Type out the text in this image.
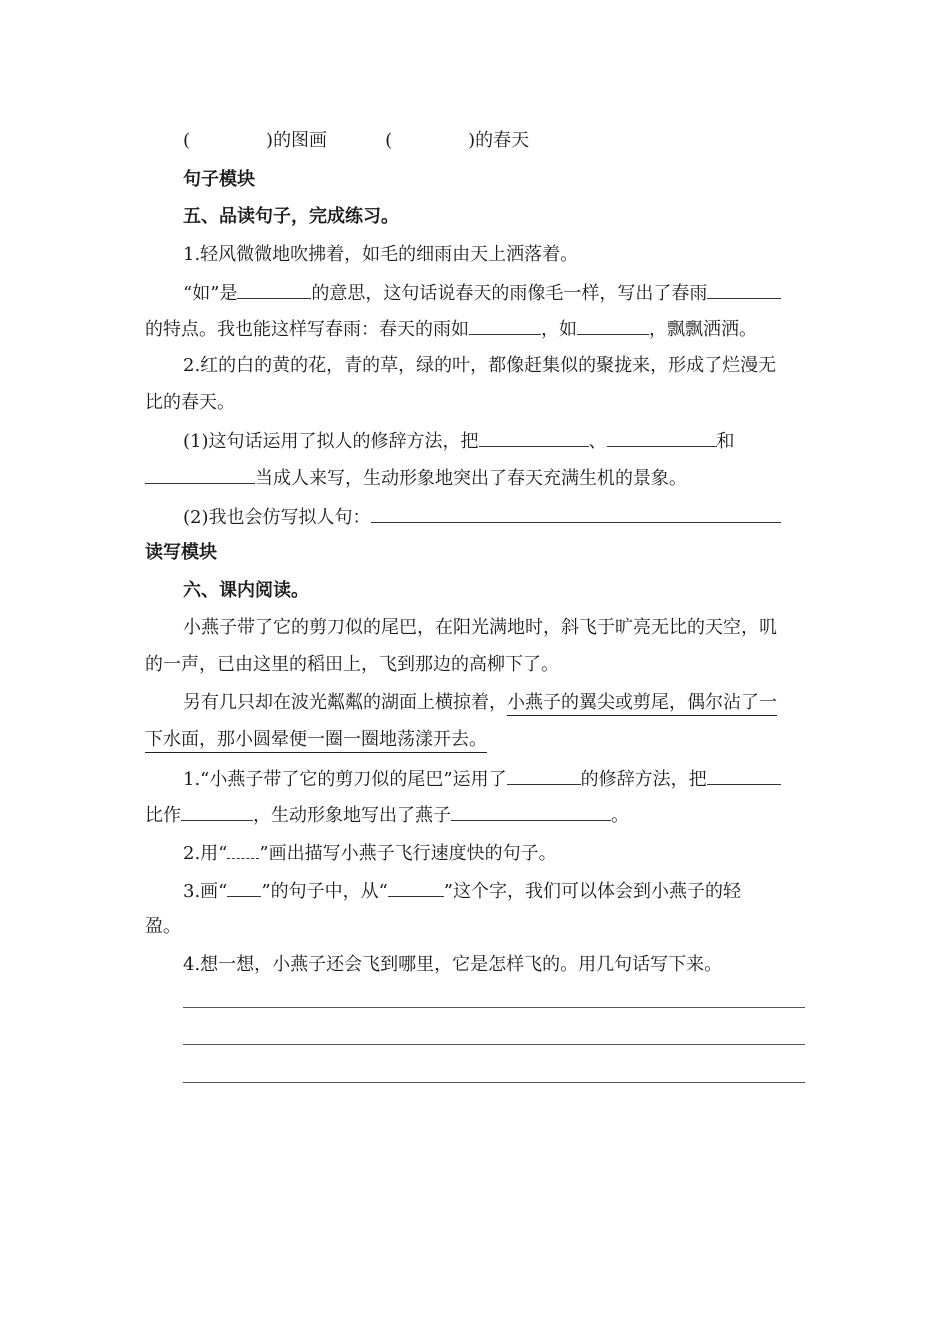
(	)的图画	(	)的春天
句子模块
五、品读句子，完成练习。
1.轻风微微地吹拂着，如毛的细雨由天上洒落着。
“如”是	的意思，这句话说春天的雨像毛一样，写出了春雨
的特点。我也能这样写春雨：春天的雨如	，如	，飘飘洒洒。
2.红的白的黄的花，青的草，绿的叶，都像赶集似的聚拢来，形成了烂漫无
比的春天。
(1)这句话运用了拟人的修辞方法，把	、	和
当成人来写，生动形象地突出了春天充满生机的景象。
(2)我也会仿写拟人句：
读写模块
六、课内阅读。
小燕子带了它的剪刀似的尾巴，在阳光满地时，斜飞于旷亮无比的天空，叽
的一声，已由这里的稻田上，飞到那边的高柳下了。
另有几只却在波光粼粼的湖面上横掠着，小燕子的翼尖或剪尾，偶尔沾了一
下水面，那小圆晕便一圈一圈地荡漾开去。
1.“小燕子带了它的剪刀似的尾巴”运用了	的修辞方法，把
比作	，生动形象地写出了燕子	。
2.用“ ”画出描写小燕子飞行速度快的句子。
3.画“ ”的句子中，从“	”这个字，我们可以体会到小燕子的轻
盈。
4.想一想，小燕子还会飞到哪里，它是怎样飞的。用几句话写下来。
